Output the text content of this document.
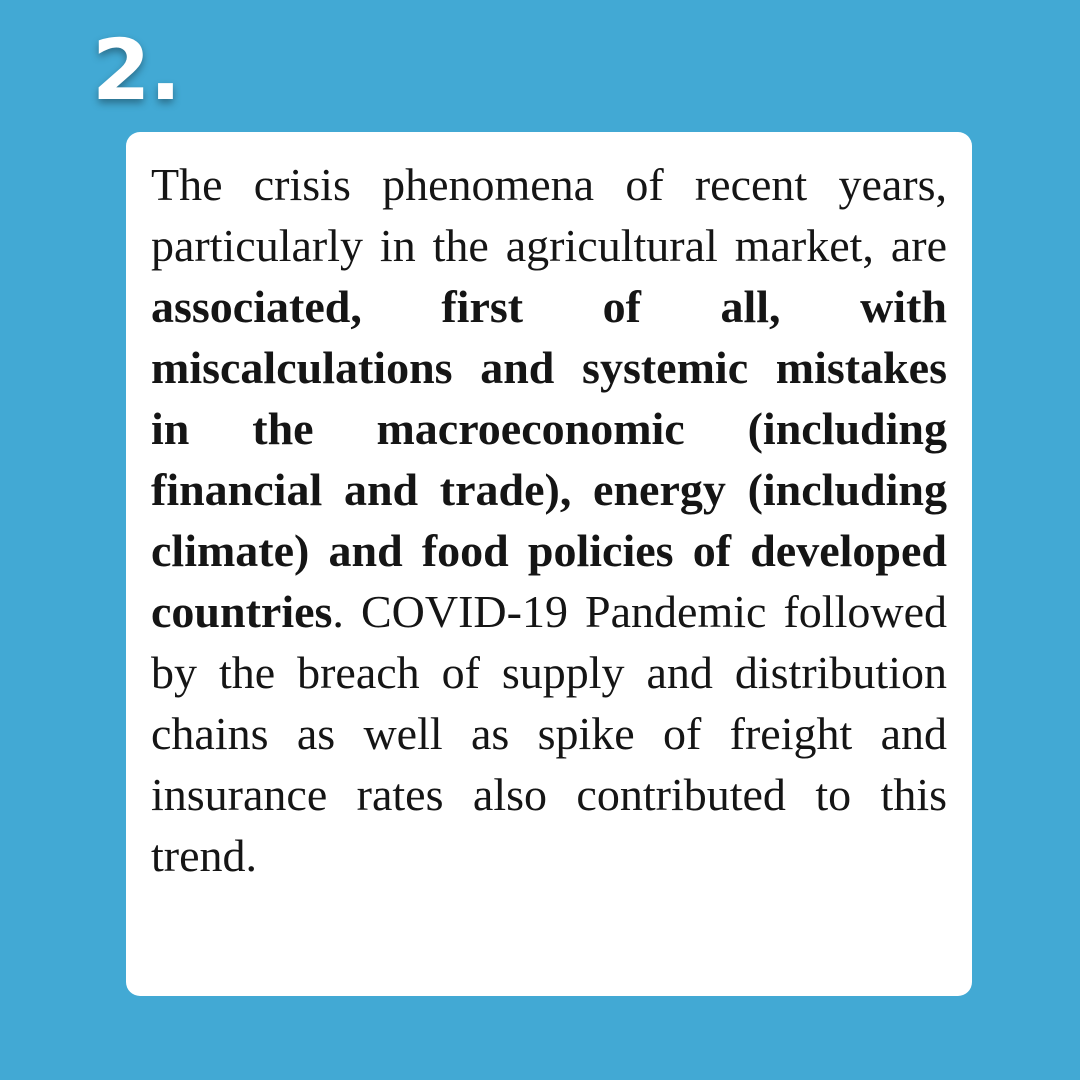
2.

The crisis phenomena of recent years, particularly in the agricultural market, are associated, first of all, with miscalculations and systemic mistakes in the macroeconomic (including financial and trade), energy (including climate) and food policies of developed countries. COVID-19 Pandemic followed by the breach of supply and distribution chains as well as spike of freight and insurance rates also contributed to this trend.
